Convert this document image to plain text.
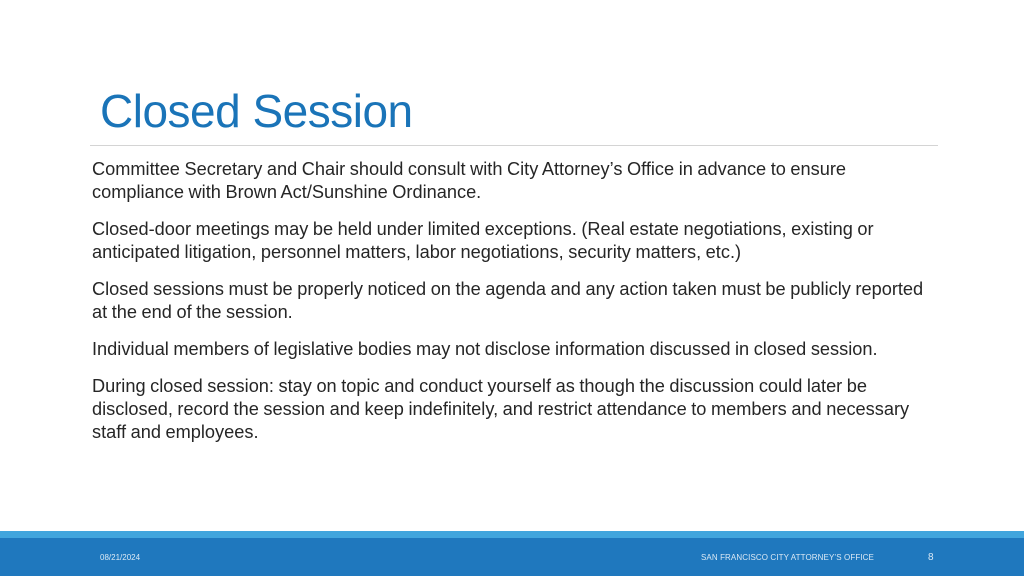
Closed Session

Committee Secretary and Chair should consult with City Attorney’s Office in advance to ensure compliance with Brown Act/Sunshine Ordinance.

Closed-door meetings may be held under limited exceptions. (Real estate negotiations, existing or anticipated litigation, personnel matters, labor negotiations, security matters, etc.)

Closed sessions must be properly noticed on the agenda and any action taken must be publicly reported at the end of the session.

Individual members of legislative bodies may not disclose information discussed in closed session.

During closed session: stay on topic and conduct yourself as though the discussion could later be disclosed, record the session and keep indefinitely, and restrict attendance to members and necessary staff and employees.

08/21/2024	SAN FRANCISCO CITY ATTORNEY’S OFFICE	8
